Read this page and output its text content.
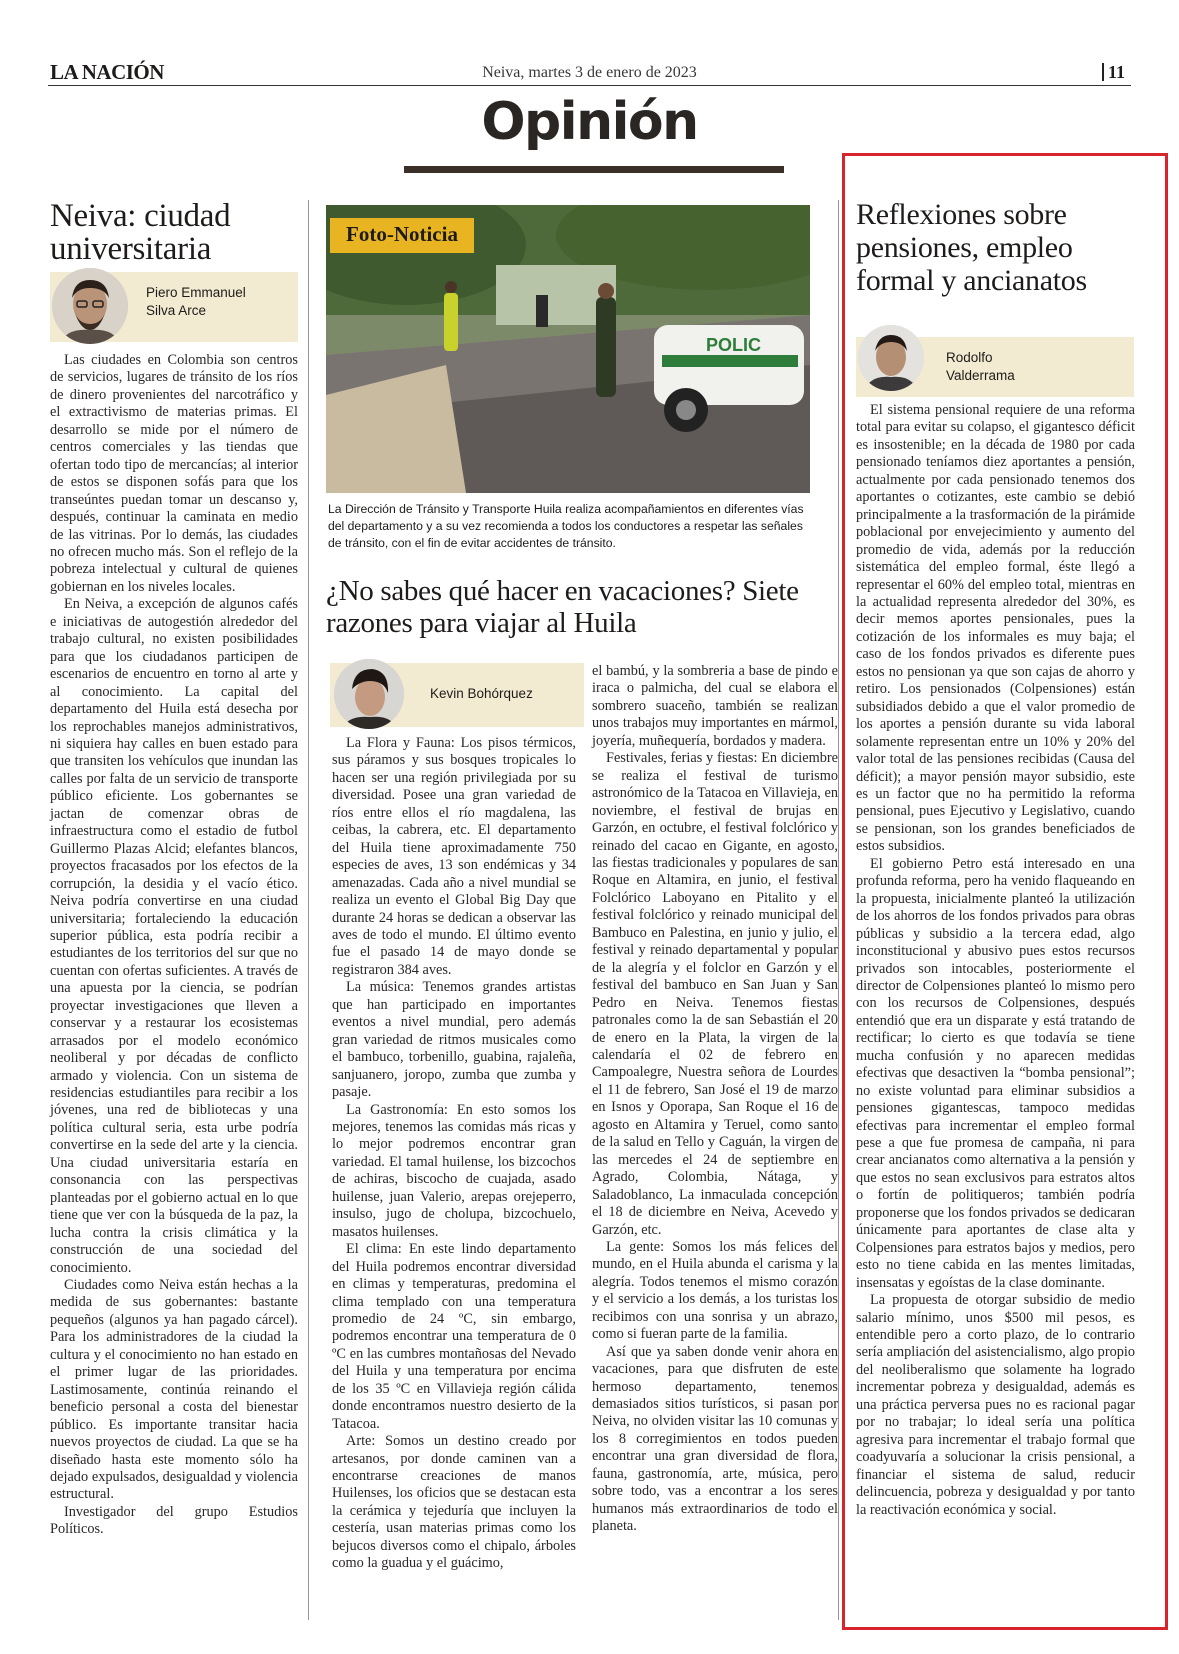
LA NACIÓN	Neiva, martes 3 de enero de 2023	11
Opinión
Neiva: ciudad universitaria
Piero Emmanuel
Silva Arce

Las ciudades en Colombia son centros de servicios, lugares de tránsito de los ríos de dinero provenientes del narcotráfico y el extractivismo de materias primas. El desarrollo se mide por el número de centros comerciales y las tiendas que ofertan todo tipo de mercancías; al interior de estos se disponen sofás para que los transeúntes puedan tomar un descanso y, después, continuar la caminata en medio de las vitrinas. Por lo demás, las ciudades no ofrecen mucho más. Son el reflejo de la pobreza intelectual y cultural de quienes gobiernan en los niveles locales.

En Neiva, a excepción de algunos cafés e iniciativas de autogestión alrededor del trabajo cultural, no existen posibilidades para que los ciudadanos participen de escenarios de encuentro en torno al arte y al conocimiento. La capital del departamento del Huila está desecha por los reprochables manejos administrativos, ni siquiera hay calles en buen estado para que transiten los vehículos que inundan las calles por falta de un servicio de transporte público eficiente. Los gobernantes se jactan de comenzar obras de infraestructura como el estadio de futbol Guillermo Plazas Alcid; elefantes blancos, proyectos fracasados por los efectos de la corrupción, la desidia y el vacío ético. Neiva podría convertirse en una ciudad universitaria; fortaleciendo la educación superior pública, esta podría recibir a estudiantes de los territorios del sur que no cuentan con ofertas suficientes. A través de una apuesta por la ciencia, se podrían proyectar investigaciones que lleven a conservar y a restaurar los ecosistemas arrasados por el modelo económico neoliberal y por décadas de conflicto armado y violencia. Con un sistema de residencias estudiantiles para recibir a los jóvenes, una red de bibliotecas y una política cultural seria, esta urbe podría convertirse en la sede del arte y la ciencia. Una ciudad universitaria estaría en consonancia con las perspectivas planteadas por el gobierno actual en lo que tiene que ver con la búsqueda de la paz, la lucha contra la crisis climática y la construcción de una sociedad del conocimiento.

Ciudades como Neiva están hechas a la medida de sus gobernantes: bastante pequeños (algunos ya han pagado cárcel). Para los administradores de la ciudad la cultura y el conocimiento no han estado en el primer lugar de las prioridades. Lastimosamente, continúa reinando el beneficio personal a costa del bienestar público. Es importante transitar hacia nuevos proyectos de ciudad. La que se ha diseñado hasta este momento sólo ha dejado expulsados, desigualdad y violencia estructural.

Investigador del grupo Estudios Políticos.

POLIC
Foto-Noticia
La Dirección de Tránsito y Transporte Huila realiza acompañamientos en diferentes vías del departamento y a su vez recomienda a todos los conductores a respetar las señales de tránsito, con el fin de evitar accidentes de tránsito.
¿No sabes qué hacer en vacaciones? Siete razones para viajar al Huila
Kevin Bohórquez

La Flora y Fauna: Los pisos térmicos, sus páramos y sus bosques tropicales lo hacen ser una región privilegiada por su diversidad. Posee una gran variedad de ríos entre ellos el río magdalena, las ceibas, la cabrera, etc. El departamento del Huila tiene aproximadamente 750 especies de aves, 13 son endémicas y 34 amenazadas. Cada año a nivel mundial se realiza un evento el Global Big Day que durante 24 horas se dedican a observar las aves de todo el mundo. El último evento fue el pasado 14 de mayo donde se registraron 384 aves.

La música: Tenemos grandes artistas que han participado en importantes eventos a nivel mundial, pero además gran variedad de ritmos musicales como el bambuco, torbenillo, guabina, rajaleña, sanjuanero, joropo, zumba que zumba y pasaje.

La Gastronomía: En esto somos los mejores, tenemos las comidas más ricas y lo mejor podremos encontrar gran variedad. El tamal huilense, los bizcochos de achiras, biscocho de cuajada, asado huilense, juan Valerio, arepas orejeperro, insulso, jugo de cholupa, bizcochuelo, masatos huilenses.

El clima: En este lindo departamento del Huila podremos encontrar diversidad en climas y temperaturas, predomina el clima templado con una temperatura promedio de 24 ºC, sin embargo, podremos encontrar una temperatura de 0 ºC en las cumbres montañosas del Nevado del Huila y una temperatura por encima de los 35 ºC en Villavieja región cálida donde encontramos nuestro desierto de la Tatacoa.

Arte: Somos un destino creado por artesanos, por donde caminen van a encontrarse creaciones de manos Huilenses, los oficios que se destacan esta la cerámica y tejeduría que incluyen la cestería, usan materias primas como los bejucos diversos como el chipalo, árboles como la guadua y el guácimo,

el bambú, y la sombreria a base de pindo e iraca o palmicha, del cual se elabora el sombrero suaceño, también se realizan unos trabajos muy importantes en mármol, joyería, muñequería, bordados y madera.

Festivales, ferias y fiestas: En diciembre se realiza el festival de turismo astronómico de la Tatacoa en Villavieja, en noviembre, el festival de brujas en Garzón, en octubre, el festival folclórico y reinado del cacao en Gigante, en agosto, las fiestas tradicionales y populares de san Roque en Altamira, en junio, el festival Folclórico Laboyano en Pitalito y el festival folclórico y reinado municipal del Bambuco en Palestina, en junio y julio, el festival y reinado departamental y popular de la alegría y el folclor en Garzón y el festival del bambuco en San Juan y San Pedro en Neiva. Tenemos fiestas patronales como la de san Sebastián el 20 de enero en la Plata, la virgen de la calendaría el 02 de febrero en Campoalegre, Nuestra señora de Lourdes el 11 de febrero, San José el 19 de marzo en Isnos y Oporapa, San Roque el 16 de agosto en Altamira y Teruel, como santo de la salud en Tello y Caguán, la virgen de las mercedes el 24 de septiembre en Agrado, Colombia, Nátaga, y Saladoblanco, La inmaculada concepción el 18 de diciembre en Neiva, Acevedo y Garzón, etc.

La gente: Somos los más felices del mundo, en el Huila abunda el carisma y la alegría. Todos tenemos el mismo corazón y el servicio a los demás, a los turistas los recibimos con una sonrisa y un abrazo, como si fueran parte de la familia.

Así que ya saben donde venir ahora en vacaciones, para que disfruten de este hermoso departamento, tenemos demasiados sitios turísticos, si pasan por Neiva, no olviden visitar las 10 comunas y los 8 corregimientos en todos pueden encontrar una gran diversidad de flora, fauna, gastronomía, arte, música, pero sobre todo, vas a encontrar a los seres humanos más extraordinarios de todo el planeta.

Reflexiones sobre pensiones, empleo formal y ancianatos
Rodolfo
Valderrama

El sistema pensional requiere de una reforma total para evitar su colapso, el gigantesco déficit es insostenible; en la década de 1980 por cada pensionado teníamos diez aportantes a pensión, actualmente por cada pensionado tenemos dos aportantes o cotizantes, este cambio se debió principalmente a la trasformación de la pirámide poblacional por envejecimiento y aumento del promedio de vida, además por la reducción sistemática del empleo formal, éste llegó a representar el 60% del empleo total, mientras en la actualidad representa alrededor del 30%, es decir memos aportes pensionales, pues la cotización de los informales es muy baja; el caso de los fondos privados es diferente pues estos no pensionan ya que son cajas de ahorro y retiro. Los pensionados (Colpensiones) están subsidiados debido a que el valor promedio de los aportes a pensión durante su vida laboral solamente representan entre un 10% y 20% del valor total de las pensiones recibidas (Causa del déficit); a mayor pensión mayor subsidio, este es un factor que no ha permitido la reforma pensional, pues Ejecutivo y Legislativo, cuando se pensionan, son los grandes beneficiados de estos subsidios.

El gobierno Petro está interesado en una profunda reforma, pero ha venido flaqueando en la propuesta, inicialmente planteó la utilización de los ahorros de los fondos privados para obras públicas y subsidio a la tercera edad, algo inconstitucional y abusivo pues estos recursos privados son intocables, posteriormente el director de Colpensiones planteó lo mismo pero con los recursos de Colpensiones, después entendió que era un disparate y está tratando de rectificar; lo cierto es que todavía se tiene mucha confusión y no aparecen medidas efectivas que desactiven la “bomba pensional”; no existe voluntad para eliminar subsidios a pensiones gigantescas, tampoco medidas efectivas para incrementar el empleo formal pese a que fue promesa de campaña, ni para crear ancianatos como alternativa a la pensión y que estos no sean exclusivos para estratos altos o fortín de politiqueros; también podría proponerse que los fondos privados se dedicaran únicamente para aportantes de clase alta y Colpensiones para estratos bajos y medios, pero esto no tiene cabida en las mentes limitadas, insensatas y egoístas de la clase dominante.

La propuesta de otorgar subsidio de medio salario mínimo, unos $500 mil pesos, es entendible pero a corto plazo, de lo contrario sería ampliación del asistencialismo, algo propio del neoliberalismo que solamente ha logrado incrementar pobreza y desigualdad, además es una práctica perversa pues no es racional pagar por no trabajar; lo ideal sería una política agresiva para incrementar el trabajo formal que coadyuvaría a solucionar la crisis pensional, a financiar el sistema de salud, reducir delincuencia, pobreza y desigualdad y por tanto la reactivación económica y social.
